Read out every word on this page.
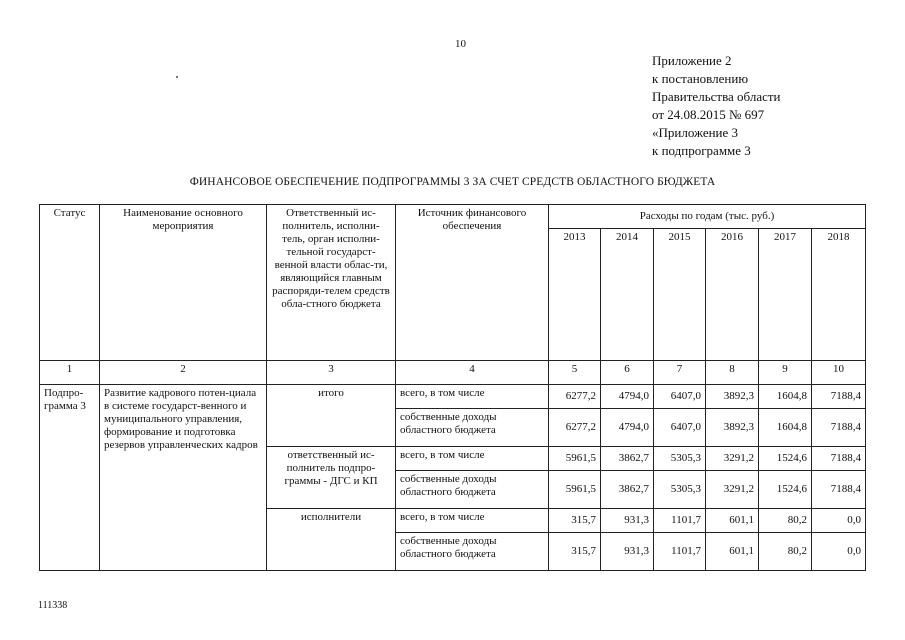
10
Приложение 2
к постановлению
Правительства области
от 24.08.2015 № 697
«Приложение 3
к подпрограмме 3
ФИНАНСОВОЕ ОБЕСПЕЧЕНИЕ ПОДПРОГРАММЫ 3 ЗА СЧЕТ СРЕДСТВ ОБЛАСТНОГО БЮДЖЕТА
Статус	Наименование основного мероприятия	Ответственный ис-полнитель, исполни-тель, орган исполни-тельной государст-венной власти облас-ти, являющийся главным распоряди-телем средств обла-стного бюджета	Источник финансового обеспечения	Расходы по годам (тыс. руб.)					
				2013	2014	2015	2016	2017	2018
1	2	3	4	5	6	7	8	9	10
Подпро-грамма 3	Развитие кадрового потен-циала в системе государст-венного и муниципального управления, формирование и подготовка резервов управленческих кадров	итого	всего, в том числе	6277,2	4794,0	6407,0	3892,3	1604,8	7188,4
			собственные доходы областного бюджета	6277,2	4794,0	6407,0	3892,3	1604,8	7188,4
		ответственный ис-полнитель подпро-граммы - ДГС и КП	всего, в том числе	5961,5	3862,7	5305,3	3291,2	1524,6	7188,4
			собственные доходы областного бюджета	5961,5	3862,7	5305,3	3291,2	1524,6	7188,4
		исполнители	всего, в том числе	315,7	931,3	1101,7	601,1	80,2	0,0
			собственные доходы областного бюджета	315,7	931,3	1101,7	601,1	80,2	0,0
111338
